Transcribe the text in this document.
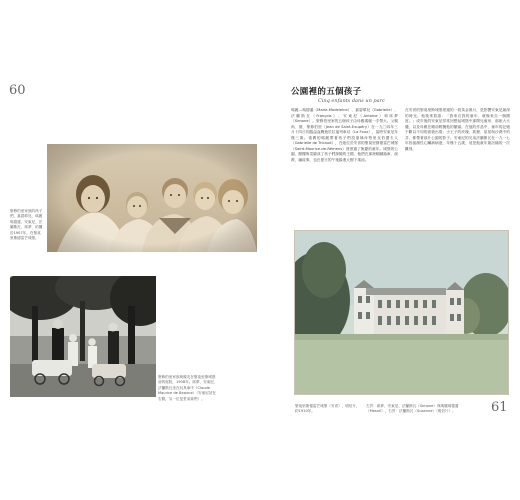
60
聖修伯里家族的孩子們，嘉碧耶兒、瑪麗瑪德蓮、安東尼、法蘭斯瓦、席夢，約攝於1907年，在聖莫里斯德雷芒城堡。
聖修伯里家族與親友在聖莫里斯城堡前的庭院，1908年。席夢、安東尼、法蘭斯瓦坐在玩具車中（Claude Maurice de Beaune）（安東尼站在右側，另一位是堂弟妹們）。
公園裡的五個孩子
Cinq enfants dans un parc
瑪麗—瑪德蓮（Marie-Madeleine）、嘉碧耶兒（Gabrielle）、法蘭斯瓦（François）、安東尼（Antoine）和席夢（Simone）。聖修伯里家的五個孩子由母親瑪麗一手帶大。父親尚．德．聖修伯里（Jean de Saint-Exupéry）在一九〇四年三月十四日因腦溢血驟逝於拉福列車站（La Foux），當時安東尼年僅三歲。喪偶的瑪麗帶著孩子們投靠姨母特里戈伯爵夫人（Gabrielle de Tricaud），在她位於安省的聖莫里斯德雷芒城堡（Saint-Maurice-de-Rémens）裡度過了無憂的童年。城堡的公園、閣樓與菜園成了孩子們探險的王國，他們在那裡騎腳踏車、演戲、編故事，也在夏日的午後躲進大樹下乘涼。
在安省的聖莫里斯城堡度過的一段黃金歲月，是影響安東尼最深的時光。他後來寫道：「我來自我的童年，就像來自一個國度。」成年後的安東尼常常回想起城堡中那間兒童房、那座大火爐，以及母親在睡前輕撫他的額頭。在他的作品中，童年的記憶不斷以不同的面貌出現：小王子的玫瑰、狐狸、星星與沙漠中的井，都帶著那片公園的影子。安東尼的兄弟法蘭斯瓦在一九一七年因風濕性心臟病病逝，年僅十五歲，這是他童年最沉痛的一次離別。
聖莫里斯德雷芒城堡（安省），明信片，約1910年。
左頁：席夢、安東尼、法蘭斯瓦（Simone）與瑪麗瑪德蓮（Mesnil），右頁：法蘭斯瓦（Suzanne）（明信片）。	61
